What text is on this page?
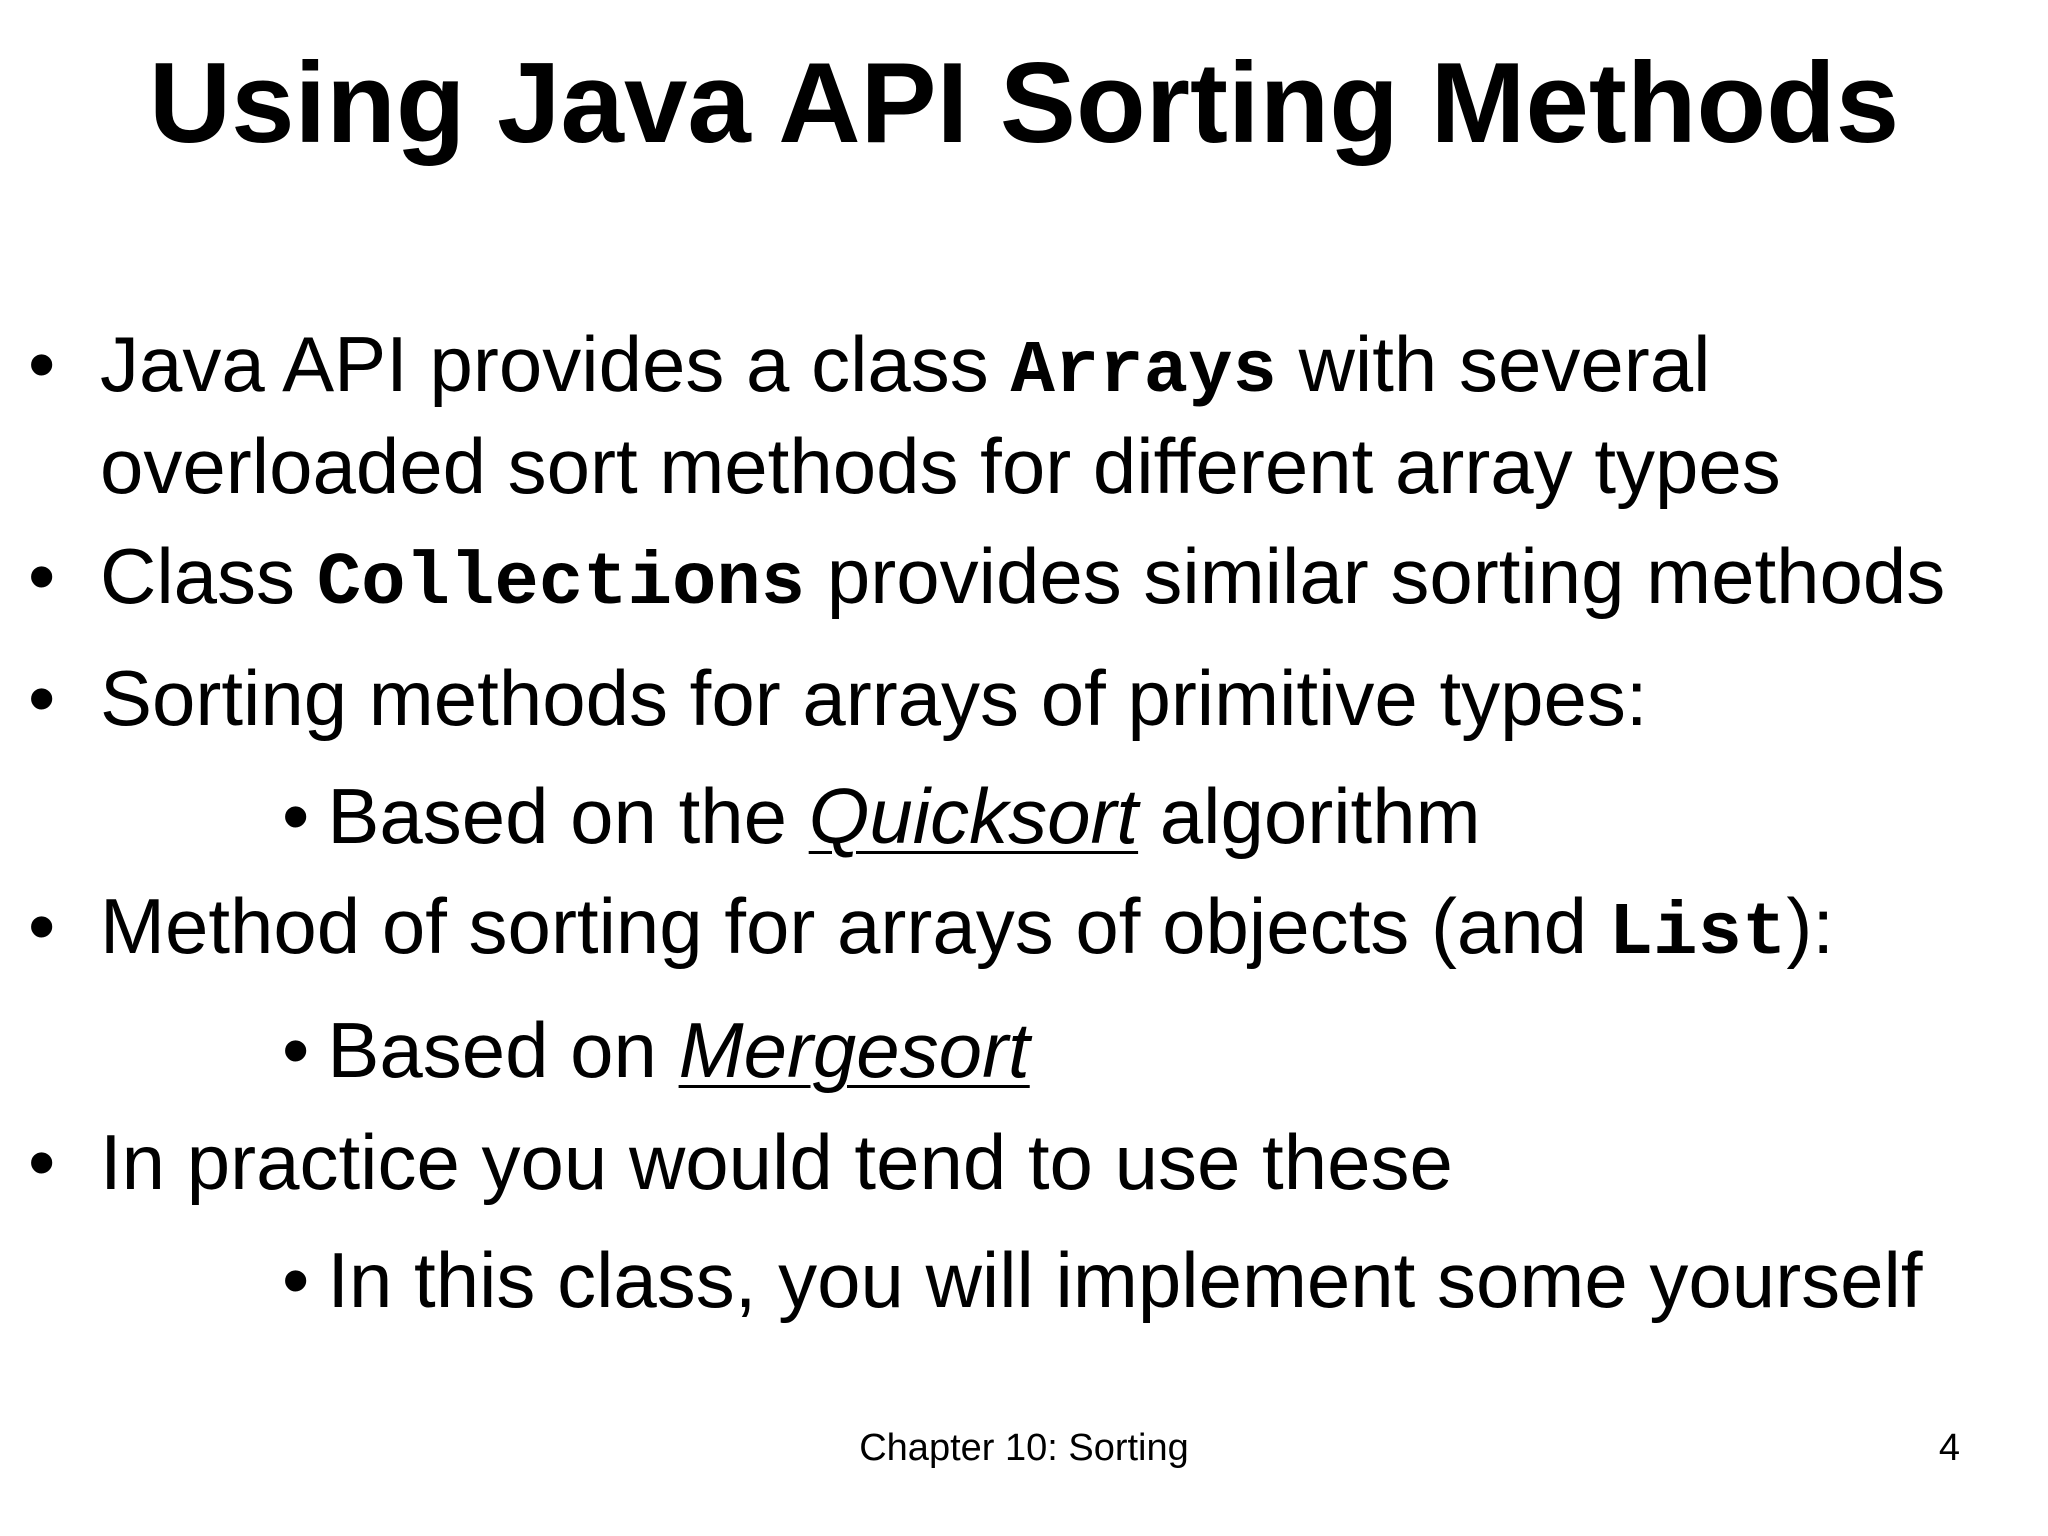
Using Java API Sorting Methods
• Java API provides a class Arrays with several
overloaded sort methods for different array types
• Class Collections provides similar sorting methods
• Sorting methods for arrays of primitive types:
• Based on the Quicksort algorithm
• Method of sorting for arrays of objects (and List):
• Based on Mergesort
• In practice you would tend to use these
• In this class, you will implement some yourself
Chapter 10: Sorting	4
